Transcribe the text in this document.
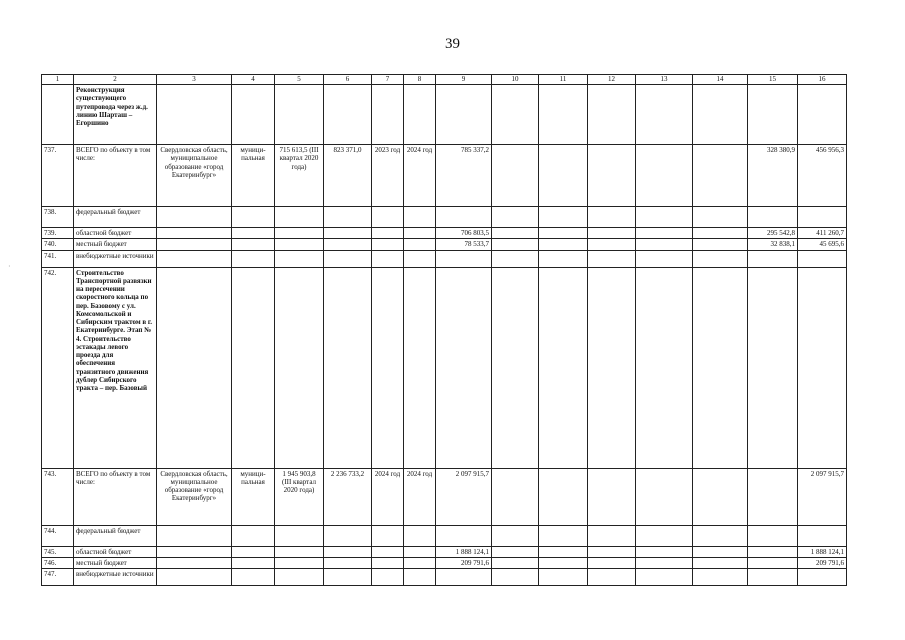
39
·
1	2	3	4	5	6	7	8	9	10	11	12	13	14	15	16
	Реконструкция существующего путепровода через ж.д. линию Шарташ – Егоршино														
737.	ВСЕГО по объекту в том числе:	Свердловская область, муниципальное образование «город Екатеринбург»	муници-пальная	715 613,5 (III квартал 2020 года)	823 371,0	2023 год	2024 год	785 337,2						328 380,9	456 956,3
738.	федеральный бюджет														
739.	областной бюджет							706 803,5						295 542,8	411 260,7
740.	местный бюджет							78 533,7						32 838,1	45 695,6
741.	внебюджетные источники														
742.	Строительство Транспортной развязки на пересечении скоростного кольца по пер. Базовому с ул. Комсомольской и Сибирским трактом в г. Екатеринбурге. Этап № 4. Строительство эстакады левого проезда для обеспечения транзитного движения дублер Сибирского тракта – пер. Базовый														
743.	ВСЕГО по объекту в том числе:	Свердловская область, муниципальное образование «город Екатеринбург»	муници-пальная	1 945 903,8 (III квартал 2020 года)	2 236 733,2	2024 год	2024 год	2 097 915,7							2 097 915,7
744.	федеральный бюджет														
745.	областной бюджет							1 888 124,1							1 888 124,1
746.	местный бюджет							209 791,6							209 791,6
747.	внебюджетные источники														
